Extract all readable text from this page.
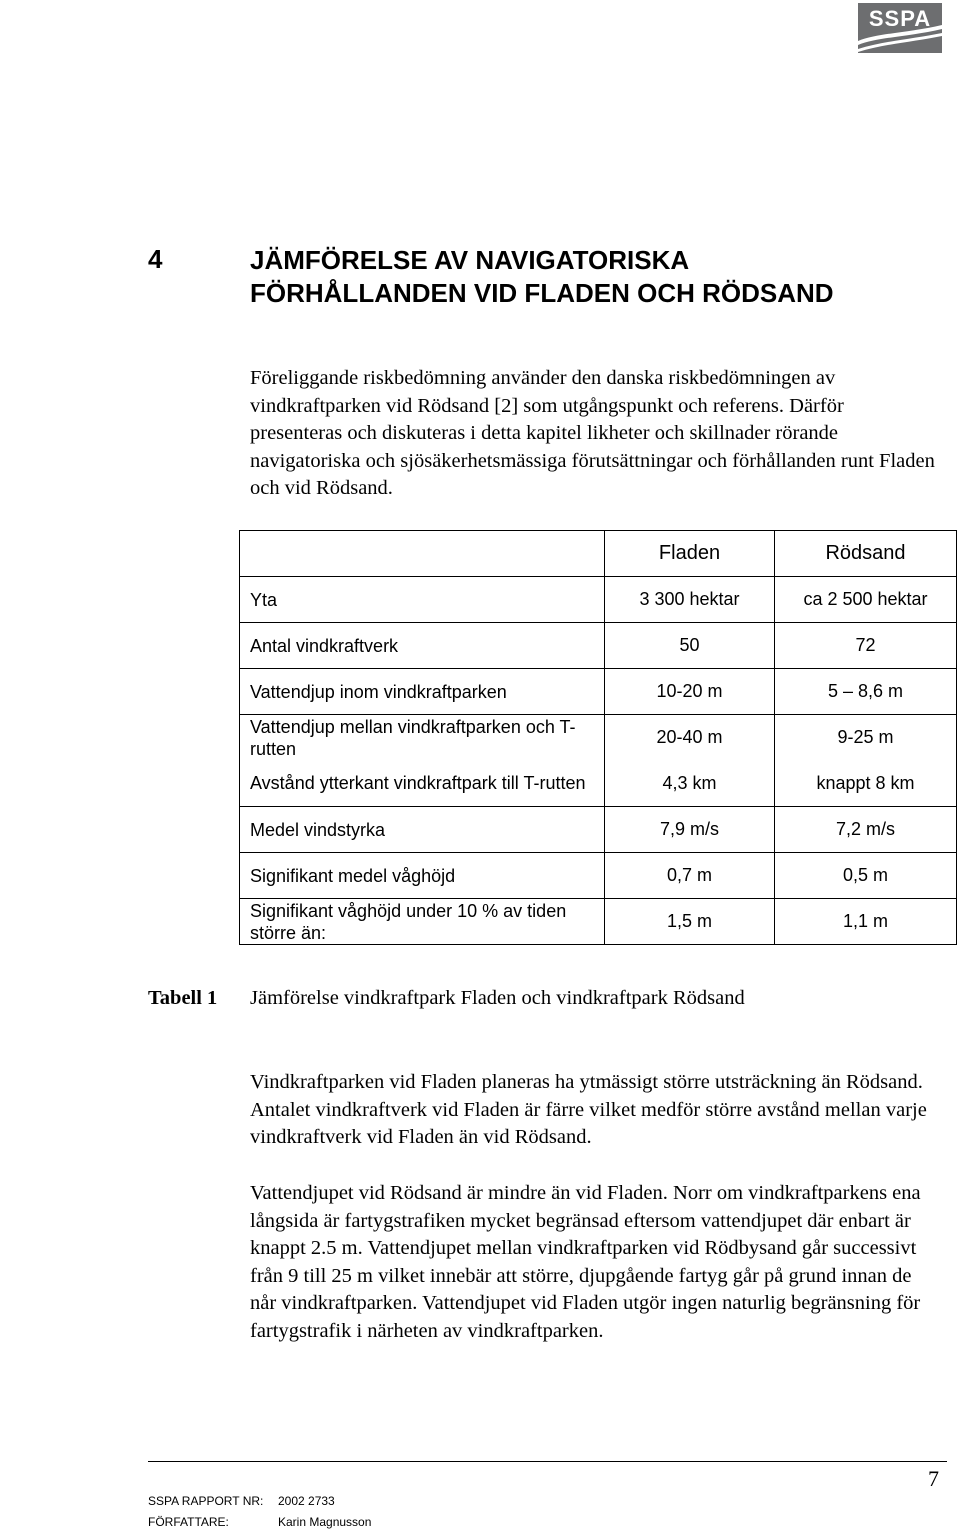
SSPA
4	JÄMFÖRELSE AV NAVIGATORISKA
FÖRHÅLLANDEN VID FLADEN OCH RÖDSAND

Föreliggande riskbedömning använder den danska riskbedömningen av vindkraftparken vid Rödsand [2] som utgångspunkt och referens. Därför presenteras och diskuteras i detta kapitel likheter och skillnader rörande navigatoriska och sjösäkerhetsmässiga förutsättningar och förhållanden runt Fladen och vid Rödsand.

	Fladen	Rödsand
Yta	3 300 hektar	ca 2 500 hektar
Antal vindkraftverk	50	72
Vattendjup inom vindkraftparken	10-20 m	5 – 8,6 m
Vattendjup mellan vindkraftparken och T-rutten	20-40 m	9-25 m
Avstånd ytterkant vindkraftpark till T-rutten	4,3 km	knappt 8 km
Medel vindstyrka	7,9 m/s	7,2 m/s
Signifikant medel våghöjd	0,7 m	0,5 m
Signifikant våghöjd under 10 % av tiden större än:	1,5 m	1,1 m
Tabell 1 Jämförelse vindkraftpark Fladen och vindkraftpark Rödsand

Vindkraftparken vid Fladen planeras ha ytmässigt större utsträckning än Rödsand. Antalet vindkraftverk vid Fladen är färre vilket medför större avstånd mellan varje vindkraftverk vid Fladen än vid Rödsand.

Vattendjupet vid Rödsand är mindre än vid Fladen. Norr om vindkraftparkens ena långsida är fartygstrafiken mycket begränsad eftersom vattendjupet där enbart är knappt 2.5 m. Vattendjupet mellan vindkraftparken vid Rödbysand går successivt från 9 till 25 m vilket innebär att större, djupgående fartyg går på grund innan de når vindkraftparken. Vattendjupet vid Fladen utgör ingen naturlig begränsning för fartygstrafik i närheten av vindkraftparken.

7
SSPA RAPPORT NR: 2002 2733
FÖRFATTARE:	Karin Magnusson
